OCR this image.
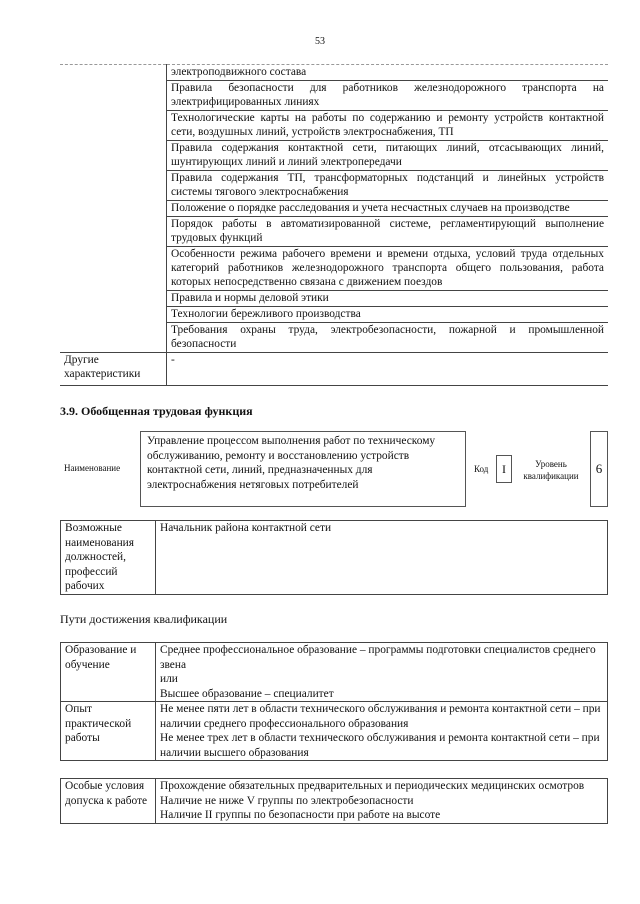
53
	электроподвижного состава
	Правила безопасности для работников железнодорожного транспорта на электрифицированных линиях
	Технологические карты на работы по содержанию и ремонту устройств контактной сети, воздушных линий, устройств электроснабжения, ТП
	Правила содержания контактной сети, питающих линий, отсасывающих линий, шунтирующих линий и линий электропередачи
	Правила содержания ТП, трансформаторных подстанций и линейных устройств системы тягового электроснабжения
	Положение о порядке расследования и учета несчастных случаев на производстве
	Порядок работы в автоматизированной системе, регламентирующий выполнение трудовых функций
	Особенности режима рабочего времени и времени отдыха, условий труда отдельных категорий работников железнодорожного транспорта общего пользования, работа которых непосредственно связана с движением поездов
	Правила и нормы деловой этики
	Технологии бережливого производства
	Требования охраны труда, электробезопасности, пожарной и промышленной безопасности
Другие характеристики	-
3.9. Обобщенная трудовая функция
Наименование
Управление процессом выполнения работ по техническому обслуживанию, ремонту и восстановлению устройств контактной сети, линий, предназначенных для электроснабжения нетяговых потребителей
Код	I	Уровень квалификации	6
Возможные наименования должностей, профессий рабочих	Начальник района контактной сети
Пути достижения квалификации
Образование и обучение	Среднее профессиональное образование – программы подготовки специалистов среднего звена
или
Высшее образование – специалитет

Опыт практической работы	Не менее пяти лет в области технического обслуживания и ремонта контактной сети – при наличии среднего профессионального образования
Не менее трех лет в области технического обслуживания и ремонта контактной сети – при наличии высшего образования
Особые условия допуска к работе	
Прохождение обязательных предварительных и периодических медицинских осмотров
Наличие не ниже V группы по электробезопасности
Наличие II группы по безопасности при работе на высоте
